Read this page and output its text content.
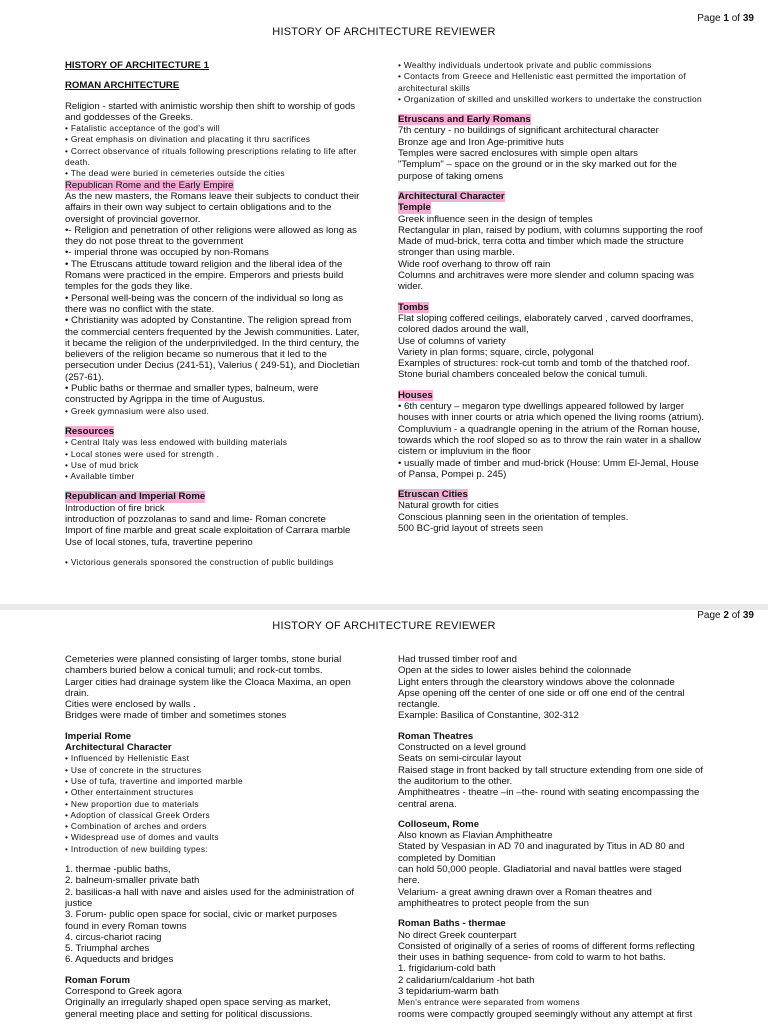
Page 1 of 39
HISTORY OF ARCHITECTURE REVIEWER
HISTORY OF ARCHITECTURE 1
ROMAN ARCHITECTURE
Religion - started with animistic worship then shift to worship of gods and goddesses of the Greeks.
• Fatalistic acceptance of the god's will
• Great emphasis on divination and placating it thru sacrifices
• Correct observance of rituals following prescriptions relating to life after death.
• The dead were buried in cemeteries outside the cities
Republican Rome and the Early Empire
As the new masters, the Romans leave their subjects to conduct their affairs in their own way subject to certain obligations and to the oversight of provincial governor.
•- Religion and penetration of other religions were allowed as long as they do not pose threat to the government
•- imperial throne was occupied by non-Romans
• The Etruscans attitude toward religion and the liberal idea of the Romans were practiced in the empire. Emperors and priests build temples for the gods they like.
• Personal well-being was the concern of the individual so long as there was no conflict with the state.
• Christianity was adopted by Constantine. The religion spread from the commercial centers frequented by the Jewish communities. Later, it became the religion of the underpriviledged. In the third century, the believers of the religion became so numerous that it led to the persecution under Decius (241-51), Valerius ( 249-51), and Diocletian (257-61).
• Public baths or thermae and smaller types, balneum, were constructed by Agrippa in the time of Augustus.
• Greek gymnasium were also used.
Resources
• Central Italy was less endowed with building materials
• Local stones were used for strength .
• Use of mud brick
• Available timber
Republican and Imperial Rome
Introduction of fire brick
introduction of pozzolanas to sand and lime- Roman concrete
Import of fine marble and great scale exploitation of Carrara marble
Use of local stones, tufa, travertine peperino
• Victorious generals sponsored the construction of public buildings
• Wealthy individuals undertook private and public commissions
• Contacts from Greece and Hellenistic east permitted the importation of architectural skills
• Organization of skilled and unskilled workers to undertake the construction
Etruscans and Early Romans
7th century - no buildings of significant architectural character
Bronze age and Iron Age-primitive huts
Temples were sacred enclosures with simple open altars
"Templum" – space on the ground or in the sky marked out for the purpose of taking omens
Architectural Character
Temple
Greek influence seen in the design of temples
Rectangular in plan, raised by podium, with columns supporting the roof
Made of mud-brick, terra cotta and timber which made the structure stronger than using marble.
Wide roof overhang to throw off rain
Columns and architraves were more slender and column spacing was wider.
Tombs
Flat sloping coffered ceilings, elaborately carved , carved doorframes, colored dados around the wall,
Use of columns of variety
Variety in plan forms; square, circle, polygonal
Examples of structures: rock-cut tomb and tomb of the thatched roof.
Stone burial chambers concealed below the conical tumuli.
Houses
• 6th century – megaron type dwellings appeared followed by larger houses with inner courts or atria which opened the living rooms (atrium).
Compluvium - a quadrangle opening in the atrium of the Roman house, towards which the roof sloped so as to throw the rain water in a shallow cistern or impluvium in the floor
• usually made of timber and mud-brick (House: Umm El-Jemal, House of Pansa, Pompei p. 245)
Etruscan Cities
Natural growth for cities
Conscious planning seen in the orientation of temples.
500 BC-grid layout of streets seen
Page 2 of 39
HISTORY OF ARCHITECTURE REVIEWER
Cemeteries were planned consisting of larger tombs, stone burial chambers buried below a conical tumuli; and rock-cut tombs.
Larger cities had drainage system like the Cloaca Maxima, an open drain.
Cities were enclosed by walls .
Bridges were made of timber and sometimes stones
Imperial Rome
Architectural Character
• Influenced by Hellenistic East
• Use of concrete in the structures
• Use of tufa, travertine and imported marble
• Other entertainment structures
• New proportion due to materials
• Adoption of classical Greek Orders
• Combination of arches and orders
• Widespread use of domes and vaults
• Introduction of new building types:
1. thermae -public baths,
2. balneum-smaller private bath
2. basilicas-a hall with nave and aisles used for the administration of justice
3. Forum- public open space for social, civic or market purposes found in every Roman towns
4. circus-chariot racing
5. Triumphal arches
6. Aqueducts and bridges
Roman Forum
Correspond to Greek agora
Originally an irregularly shaped open space serving as market, general meeting place and setting for political discussions.
Had trussed timber roof and
Open at the sides to lower aisles behind the colonnade
Light enters through the clearstory windows above the colonnade
Apse opening off the center of one side or off one end of the central rectangle.
Example: Basilica of Constantine, 302-312
Roman Theatres
Constructed on a level ground
Seats on semi-circular layout
Raised stage in front backed by tall structure extending from one side of the auditorium to the other.
Amphitheatres - theatre –in –the- round with seating encompassing the central arena.
Colloseum, Rome
Also known as Flavian Amphitheatre
Stated by Vespasian in AD 70 and inagurated by Titus in AD 80 and completed by Domitian
can hold 50,000 people. Gladiatorial and naval battles were staged here.
Velarium- a great awning drawn over a Roman theatres and amphitheatres to protect people from the sun
Roman Baths - thermae
No direct Greek counterpart
Consisted of originally of a series of rooms of different forms reflecting their uses in bathing sequence- from cold to warm to hot baths.
1. frigidarium-cold bath
2 calidarium/caldarium -hot bath
3 tepidarium-warm bath
Men's entrance were separated from womens
rooms were compactly grouped seemingly without any attempt at first
